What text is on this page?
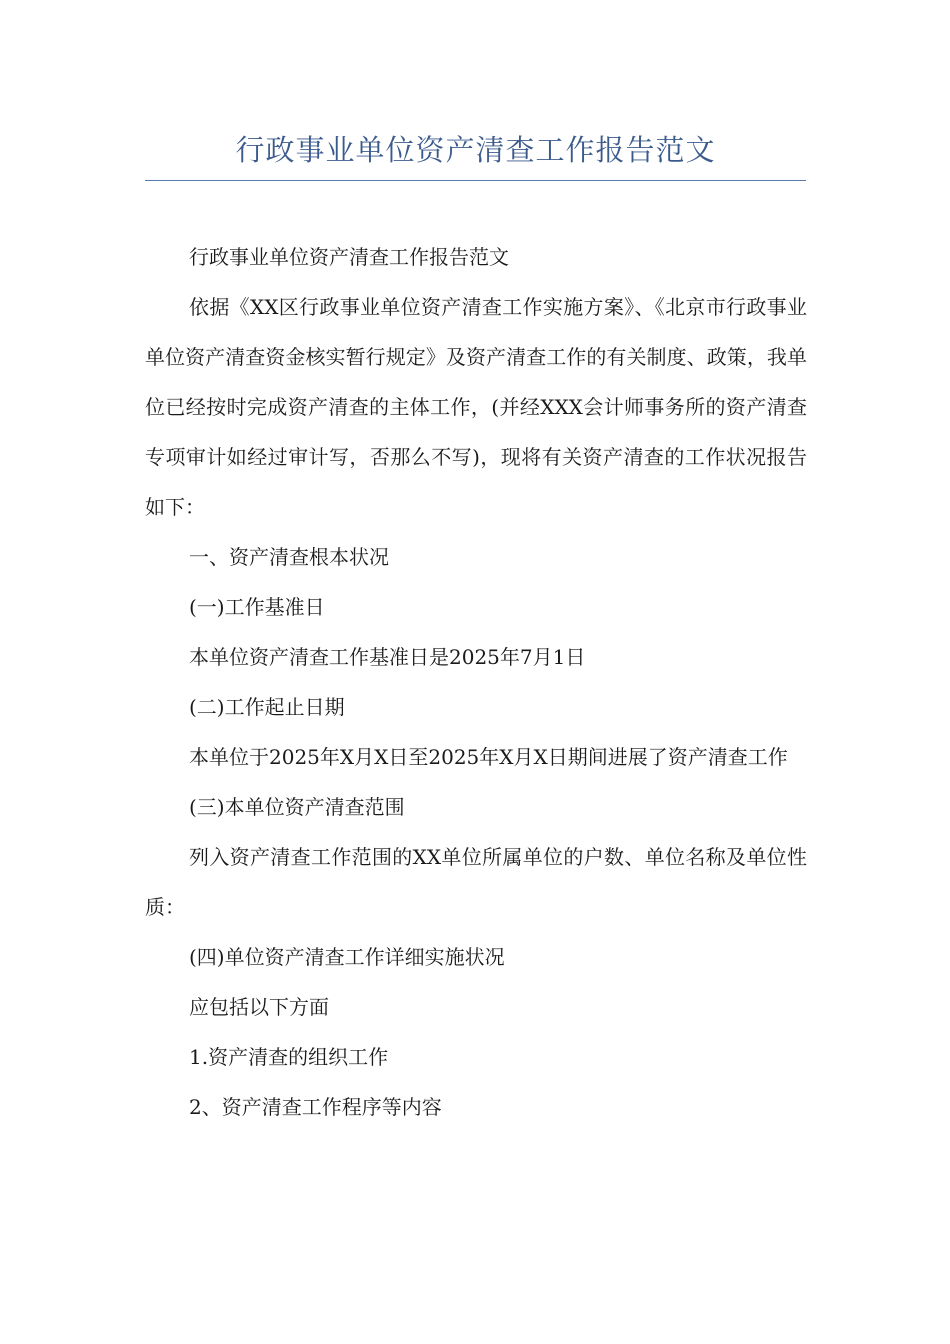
行政事业单位资产清查工作报告范文

行政事业单位资产清查工作报告范文

依据《XX区行政事业单位资产清查工作实施方案》、《北京市行政事业单位资产清查资金核实暂行规定》及资产清查工作的有关制度、政策，我单位已经按时完成资产清查的主体工作，(并经XXX会计师事务所的资产清查专项审计如经过审计写，否那么不写)，现将有关资产清查的工作状况报告如下：

一、资产清查根本状况

(一)工作基准日

本单位资产清查工作基准日是2025年7月1日

(二)工作起止日期

本单位于2025年X月X日至2025年X月X日期间进展了资产清查工作

(三)本单位资产清查范围

列入资产清查工作范围的XX单位所属单位的户数、单位名称及单位性质：

(四)单位资产清查工作详细实施状况

应包括以下方面

1.资产清查的组织工作

2、资产清查工作程序等内容
